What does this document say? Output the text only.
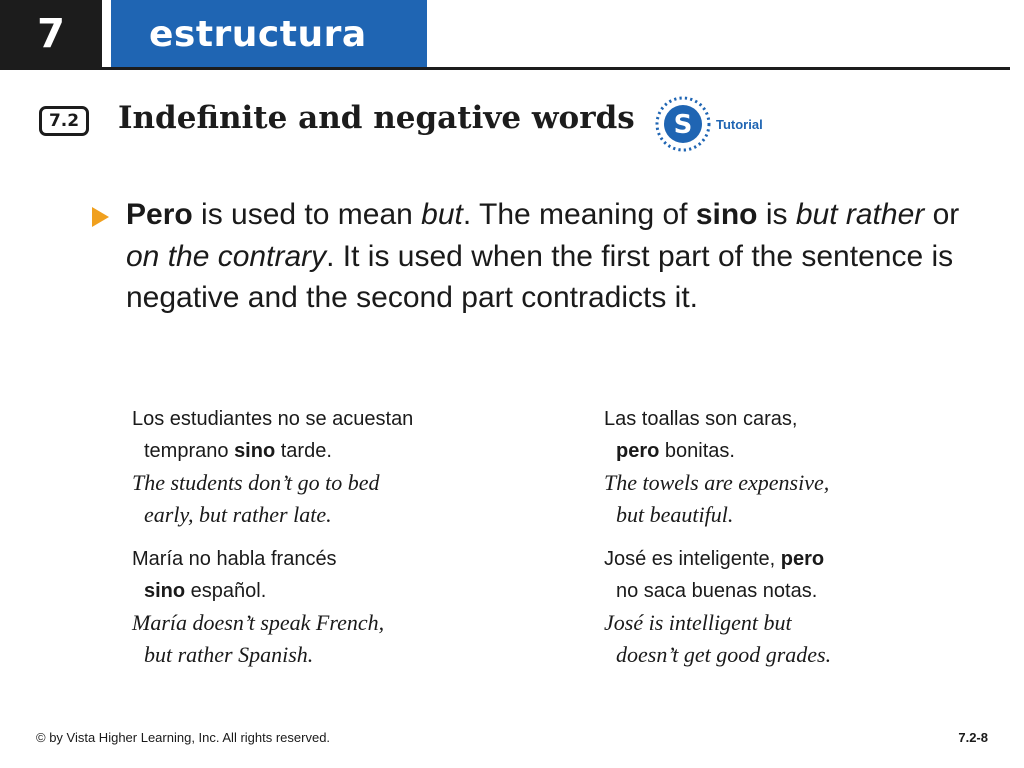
7	estructura
7.2	Indefinite and negative words S Tutorial
Pero is used to mean but. The meaning of sino is but rather or on the contrary. It is used when the first part of the sentence is negative and the second part contradicts it.
Los estudiantes no se acuestan
temprano sino tarde.
The students don’t go to bed
early, but rather late.
María no habla francés
sino español.
María doesn’t speak French,
but rather Spanish.
Las toallas son caras,
pero bonitas.
The towels are expensive,
but beautiful.
José es inteligente, pero
no saca buenas notas.
José is intelligent but
doesn’t get good grades.
© by Vista Higher Learning, Inc. All rights reserved.	7.2-8
